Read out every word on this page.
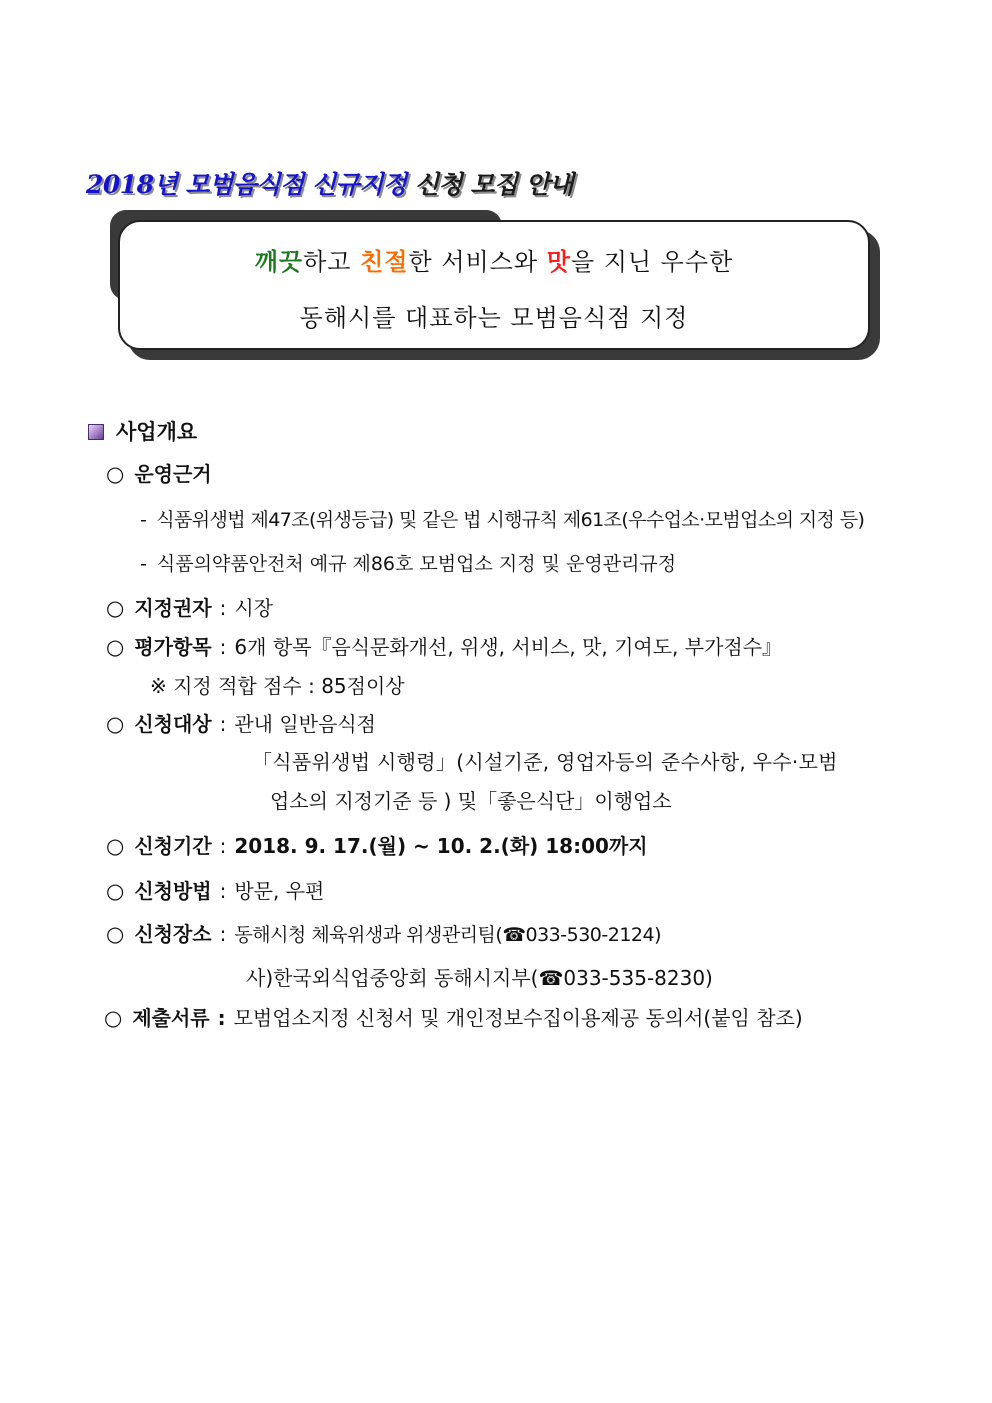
2018년 모범음식점 신규지정 신청 모집 안내
깨끗하고 친절한 서비스와 맛을 지닌 우수한
동해시를 대표하는 모범음식점 지정
사업개요
○ 운영근거
- 식품위생법 제47조(위생등급) 및 같은 법 시행규칙 제61조(우수업소·모범업소의 지정 등)
- 식품의약품안전처 예규 제86호 모범업소 지정 및 운영관리규정
○ 지정권자 : 시장
○ 평가항목 : 6개 항목『음식문화개선, 위생, 서비스, 맛, 기여도, 부가점수』
※ 지정 적합 점수 : 85점이상
○ 신청대상 : 관내 일반음식점
「식품위생법 시행령」(시설기준, 영업자등의 준수사항, 우수·모범
업소의 지정기준 등 ) 및「좋은식단」이행업소
○ 신청기간 : 2018. 9. 17.(월) ~ 10. 2.(화) 18:00까지
○ 신청방법 : 방문, 우편
○ 신청장소 : 동해시청 체육위생과 위생관리팀(☎033-530-2124)
사)한국외식업중앙회 동해시지부(☎033-535-8230)
○ 제출서류 : 모범업소지정 신청서 및 개인정보수집이용제공 동의서(붙임 참조)
